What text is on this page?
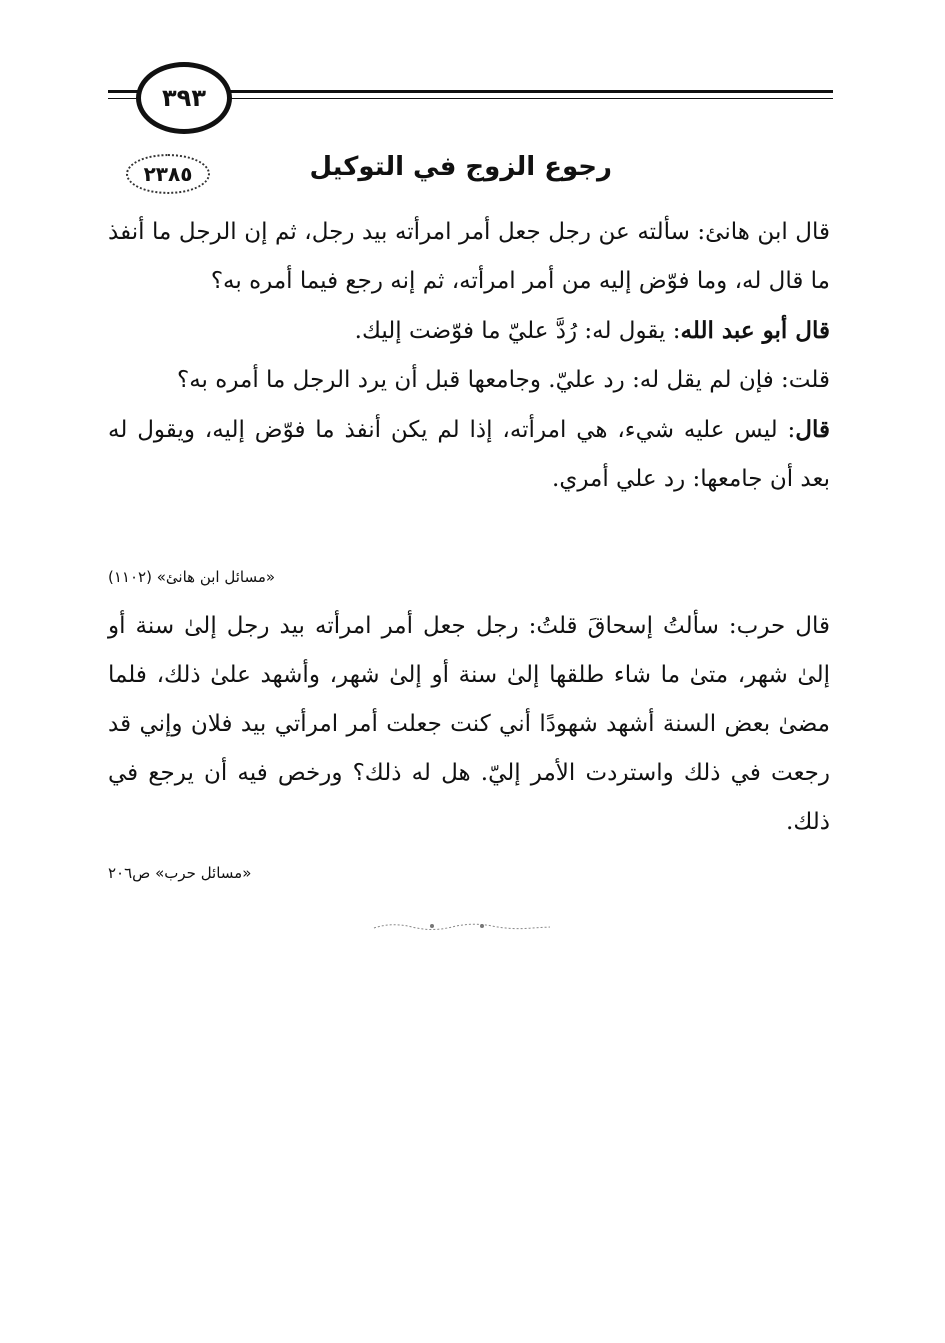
٣٩٣
٢٣٨٥	رجوع الزوج في التوكيل

قال ابن هانئ: سألته عن رجل جعل أمر امرأته بيد رجل، ثم إن الرجل ما أنفذ ما قال له، وما فوّض إليه من أمر امرأته، ثم إنه رجع فيما أمره به؟

قال أبو عبد الله: يقول له: رُدَّ عليّ ما فوّضت إليك.

قلت: فإن لم يقل له: رد عليّ. وجامعها قبل أن يرد الرجل ما أمره به؟

قال: ليس عليه شيء، هي امرأته، إذا لم يكن أنفذ ما فوّض إليه، ويقول له بعد أن جامعها: رد علي أمري.

«مسائل ابن هانئ» (١١٠٢)

قال حرب: سألتُ إسحاقَ قلتُ: رجل جعل أمر امرأته بيد رجل إلىٰ سنة أو إلىٰ شهر، متىٰ ما شاء طلقها إلىٰ سنة أو إلىٰ شهر، وأشهد علىٰ ذلك، فلما مضىٰ بعض السنة أشهد شهودًا أني كنت جعلت أمر امرأتي بيد فلان وإني قد رجعت في ذلك واستردت الأمر إليّ. هل له ذلك؟ ورخص فيه أن يرجع في ذلك.

«مسائل حرب» ص٢٠٦
